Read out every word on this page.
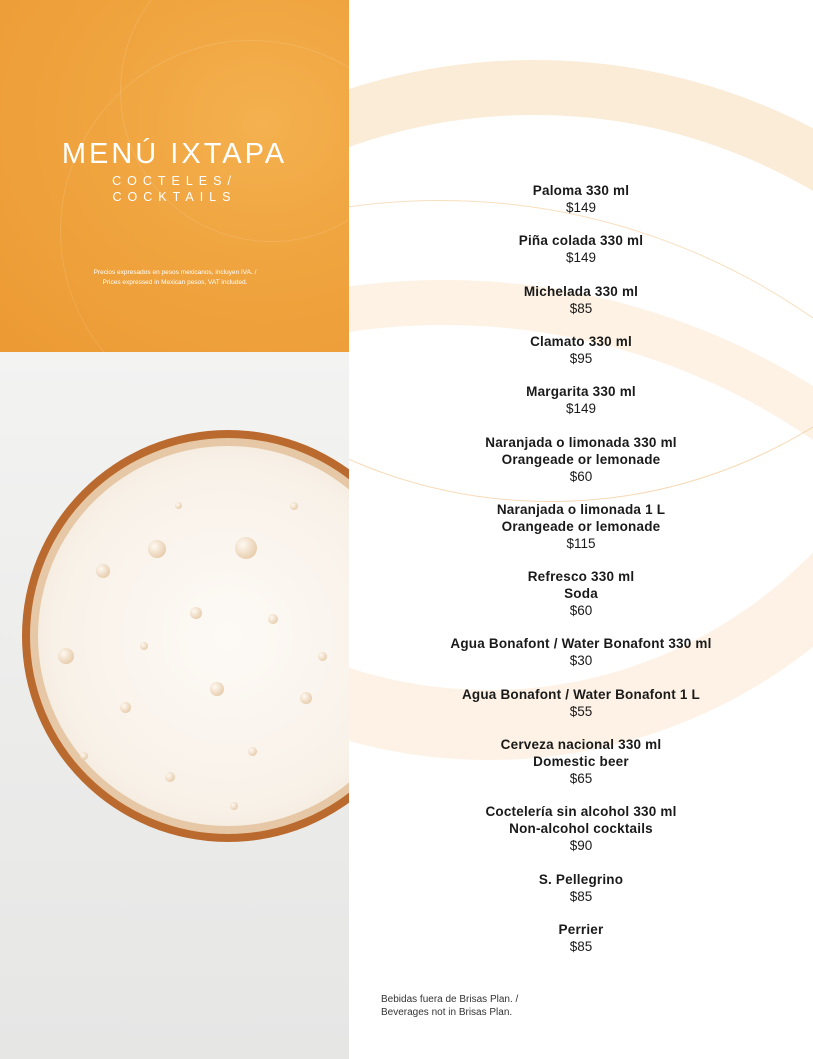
MENÚ IXTAPA
COCTELES/
COCKTAILS
Precios expresados en pesos mexicanos, incluyen IVA. /
Prices expressed in Mexican pesos, VAT included.
Paloma 330 ml
$149
Piña colada 330 ml
$149
Michelada 330 ml
$85
Clamato 330 ml
$95
Margarita 330 ml
$149
Naranjada o limonada 330 ml
Orangeade or lemonade
$60
Naranjada o limonada 1 L
Orangeade or lemonade
$115
Refresco 330 ml
Soda
$60
Agua Bonafont / Water Bonafont 330 ml
$30
Agua Bonafont / Water Bonafont 1 L
$55
Cerveza nacional 330 ml
Domestic beer
$65
Coctelería sin alcohol 330 ml
Non-alcohol cocktails
$90
S. Pellegrino
$85
Perrier
$85
Bebidas fuera de Brisas Plan. /
Beverages not in Brisas Plan.
